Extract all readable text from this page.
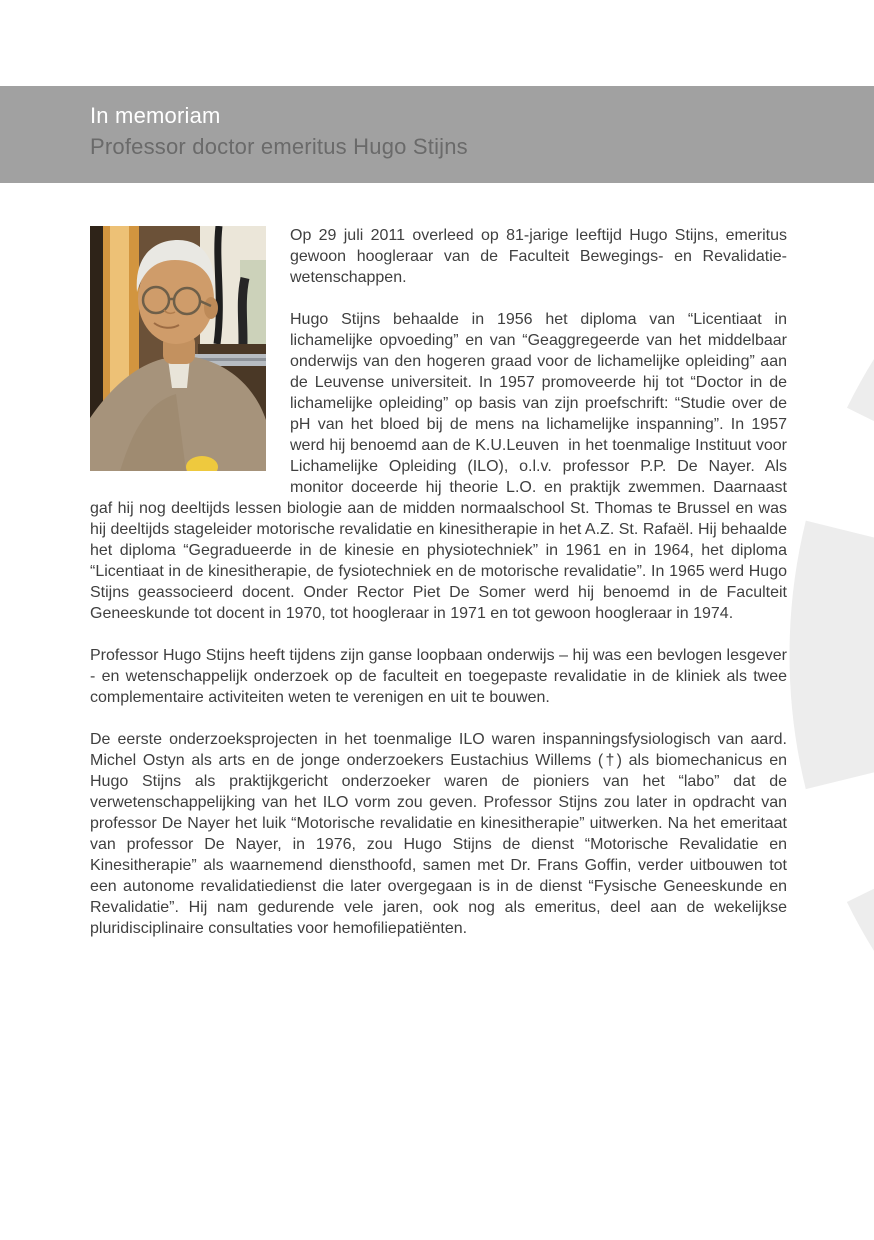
In memoriam
Professor doctor emeritus Hugo Stijns

Op 29 juli 2011 overleed op 81-jarige leeftijd Hugo Stijns, emeritus gewoon hoogleraar van de Faculteit Bewegings- en Revalidatiewetenschappen.

Hugo Stijns behaalde in 1956 het diploma van “Licentiaat in lichamelijke opvoeding” en van “Geaggregeerde van het middelbaar onderwijs van den hogeren graad voor de lichamelijke opleiding” aan de Leuvense universiteit. In 1957 promoveerde hij tot “Doctor in de lichamelijke opleiding” op basis van zijn proefschrift: “Studie over de pH van het bloed bij de mens na lichamelijke inspanning”. In 1957 werd hij benoemd aan de K.U.Leuven  in het toenmalige Instituut voor Lichamelijke Opleiding (ILO), o.l.v. professor P.P. De Nayer. Als monitor doceerde hij theorie L.O. en praktijk zwemmen. Daarnaast gaf hij nog deeltijds lessen biologie aan de midden normaalschool St. Thomas te Brussel en was hij deeltijds stageleider motorische revalidatie en kinesitherapie in het A.Z. St. Rafaël. Hij behaalde het diploma “Gegradueerde in de kinesie en physiotechniek” in 1961 en in 1964, het diploma “Licentiaat in de kinesitherapie, de fysiotechniek en de motorische revalidatie”. In 1965 werd Hugo Stijns geassocieerd docent. Onder Rector Piet De Somer werd hij benoemd in de Faculteit Geneeskunde tot docent in 1970, tot hoogleraar in 1971 en tot gewoon hoogleraar in 1974.

Professor Hugo Stijns heeft tijdens zijn ganse loopbaan onderwijs – hij was een bevlogen lesgever - en wetenschappelijk onderzoek op de faculteit en toegepaste revalidatie in de kliniek als twee complementaire activiteiten weten te verenigen en uit te bouwen.

De eerste onderzoeksprojecten in het toenmalige ILO waren inspanningsfysiologisch van aard. Michel Ostyn als arts en de jonge onderzoekers Eustachius Willems (†) als biomechanicus en Hugo Stijns als praktijkgericht onderzoeker waren de pioniers van het “labo” dat de verwetenschappelijking van het ILO vorm zou geven. Professor Stijns zou later in opdracht van professor De Nayer het luik “Motorische revalidatie en kinesitherapie” uitwerken. Na het emeritaat van professor De Nayer, in 1976, zou Hugo Stijns de dienst “Motorische Revalidatie en Kinesitherapie” als waarnemend diensthoofd, samen met Dr. Frans Goffin, verder uitbouwen tot een autonome revalidatiedienst die later overgegaan is in de dienst “Fysische Geneeskunde en Revalidatie”. Hij nam gedurende vele jaren, ook nog als emeritus, deel aan de wekelijkse pluridisciplinaire consultaties voor hemofiliepatiënten.
